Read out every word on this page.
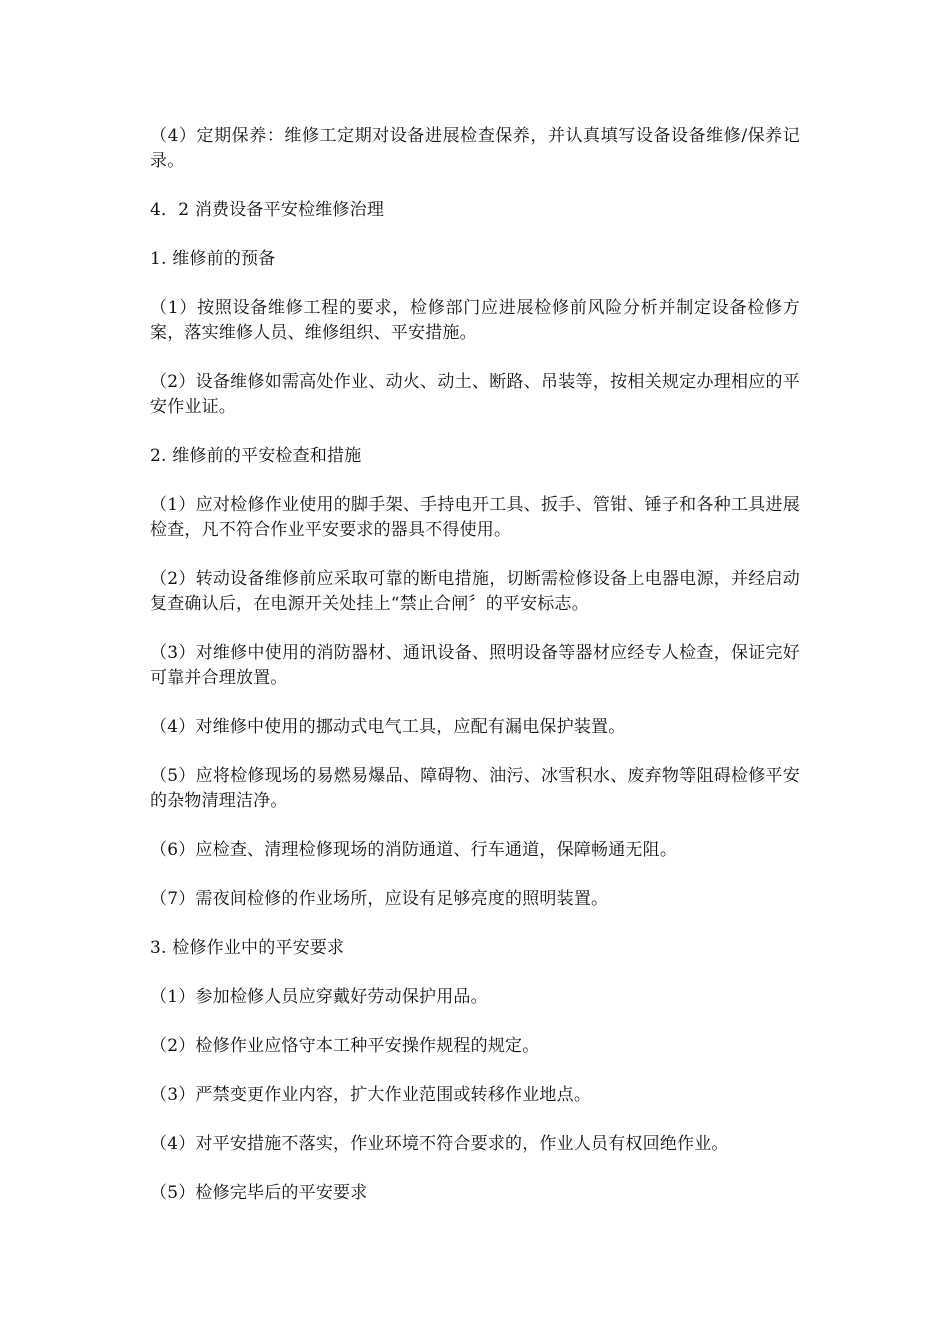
（4）定期保养：维修工定期对设备进展检查保养，并认真填写设备设备维修/保养记录。

4．2 消费设备平安检维修治理

1. 维修前的预备

（1）按照设备维修工程的要求，检修部门应进展检修前风险分析并制定设备检修方案，落实维修人员、维修组织、平安措施。

（2）设备维修如需高处作业、动火、动土、断路、吊装等，按相关规定办理相应的平安作业证。

2. 维修前的平安检查和措施

（1）应对检修作业使用的脚手架、手持电开工具、扳手、管钳、锤子和各种工具进展检查，凡不符合作业平安要求的器具不得使用。

（2）转动设备维修前应采取可靠的断电措施，切断需检修设备上电器电源，并经启动复查确认后，在电源开关处挂上“禁止合闸〞的平安标志。

（3）对维修中使用的消防器材、通讯设备、照明设备等器材应经专人检查，保证完好可靠并合理放置。

（4）对维修中使用的挪动式电气工具，应配有漏电保护装置。

（5）应将检修现场的易燃易爆品、障碍物、油污、冰雪积水、废弃物等阻碍检修平安的杂物清理洁净。

（6）应检查、清理检修现场的消防通道、行车通道，保障畅通无阻。

（7）需夜间检修的作业场所，应设有足够亮度的照明装置。

3. 检修作业中的平安要求

（1）参加检修人员应穿戴好劳动保护用品。

（2）检修作业应恪守本工种平安操作规程的规定。

（3）严禁变更作业内容，扩大作业范围或转移作业地点。

（4）对平安措施不落实，作业环境不符合要求的，作业人员有权回绝作业。

（5）检修完毕后的平安要求
